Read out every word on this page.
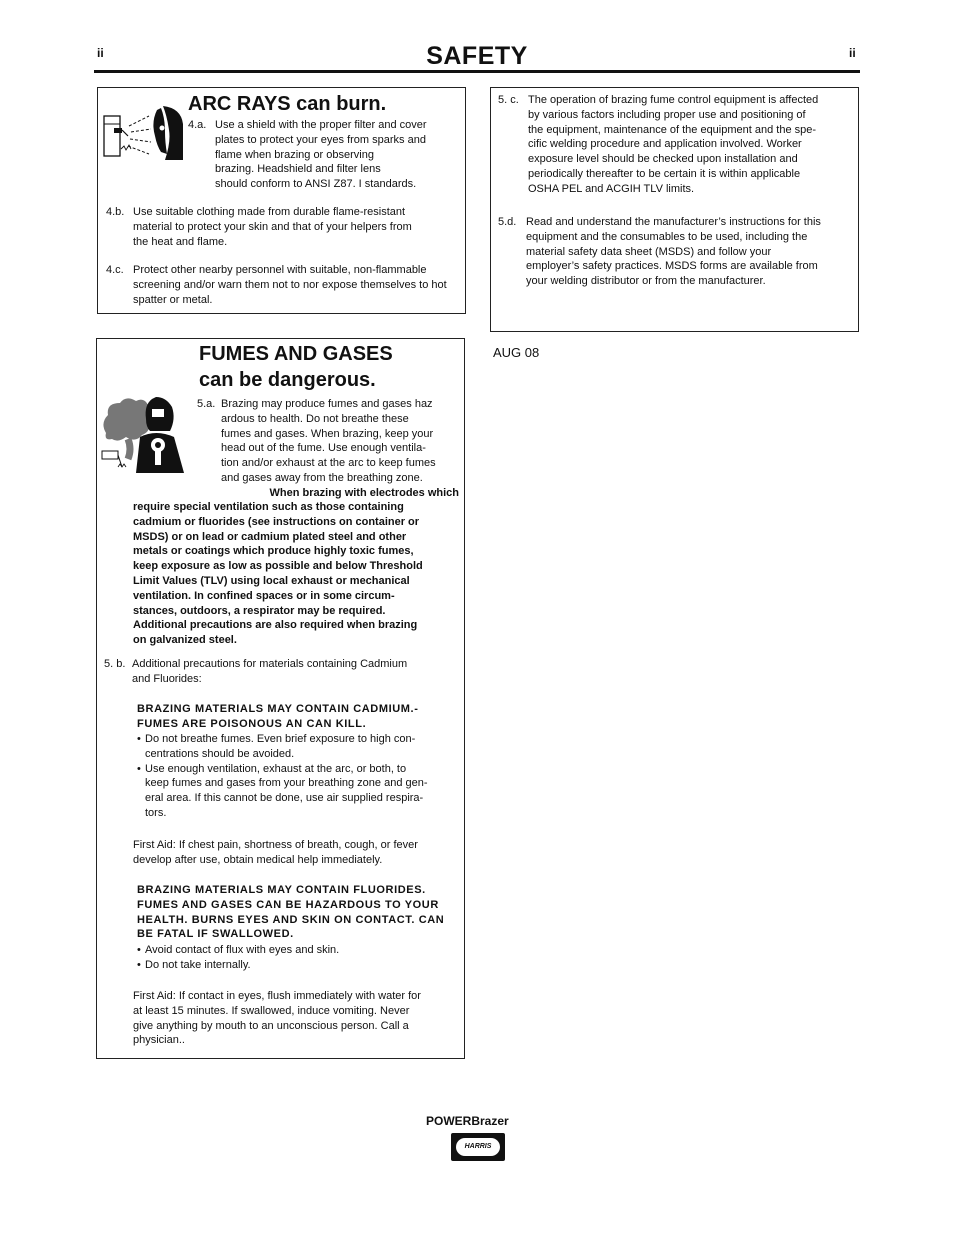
ii	ii
SAFETY
ARC RAYS can burn.
4.a. Use a shield with the proper filter and cover
plates to protect your eyes from sparks and
flame when brazing or observing
brazing. Headshield and filter lens
should conform to ANSI Z87. I standards.
4.b. Use suitable clothing made from durable flame-resistant
material to protect your skin and that of your helpers from
the heat and flame.
4.c. Protect other nearby personnel with suitable, non-flammable
screening and/or warn them not to nor expose themselves to hot
spatter or metal.
FUMES AND GASES
can be dangerous.
5.a. Brazing may produce fumes and gases haz
ardous to health. Do not breathe these
fumes and gases. When brazing, keep your
head out of the fume. Use enough ventila-
tion and/or exhaust at the arc to keep fumes
and gases away from the breathing zone.
When brazing with electrodes which
require special ventilation such as those containing
cadmium or fluorides (see instructions on container or
MSDS) or on lead or cadmium plated steel and other
metals or coatings which produce highly toxic fumes,
keep exposure as low as possible and below Threshold
Limit Values (TLV) using local exhaust or mechanical
ventilation. In confined spaces or in some circum-
stances, outdoors, a respirator may be required.
Additional precautions are also required when brazing
on galvanized steel.
5. b. Additional precautions for materials containing Cadmium
and Fluorides:
BRAZING MATERIALS MAY CONTAIN CADMIUM.-
FUMES ARE POISONOUS AN CAN KILL.
• Do not breathe fumes. Even brief exposure to high con-
centrations should be avoided.
• Use enough ventilation, exhaust at the arc, or both, to
keep fumes and gases from your breathing zone and gen-
eral area. If this cannot be done, use air supplied respira-
tors.
First Aid: If chest pain, shortness of breath, cough, or fever
develop after use, obtain medical help immediately.
BRAZING MATERIALS MAY CONTAIN FLUORIDES.
FUMES AND GASES CAN BE HAZARDOUS TO YOUR
HEALTH. BURNS EYES AND SKIN ON CONTACT. CAN
BE FATAL IF SWALLOWED.
• Avoid contact of flux with eyes and skin.
• Do not take internally.
First Aid: If contact in eyes, flush immediately with water for
at least 15 minutes. If swallowed, induce vomiting. Never
give anything by mouth to an unconscious person. Call a
physician..
5. c. The operation of brazing fume control equipment is affected
by various factors including proper use and positioning of
the equipment, maintenance of the equipment and the spe-
cific welding procedure and application involved. Worker
exposure level should be checked upon installation and
periodically thereafter to be certain it is within applicable
OSHA PEL and ACGIH TLV limits.
5.d. Read and understand the manufacturer’s instructions for this
equipment and the consumables to be used, including the
material safety data sheet (MSDS) and follow your
employer’s safety practices. MSDS forms are available from
your welding distributor or from the manufacturer.
AUG 08
POWERBrazer
HARRIS
